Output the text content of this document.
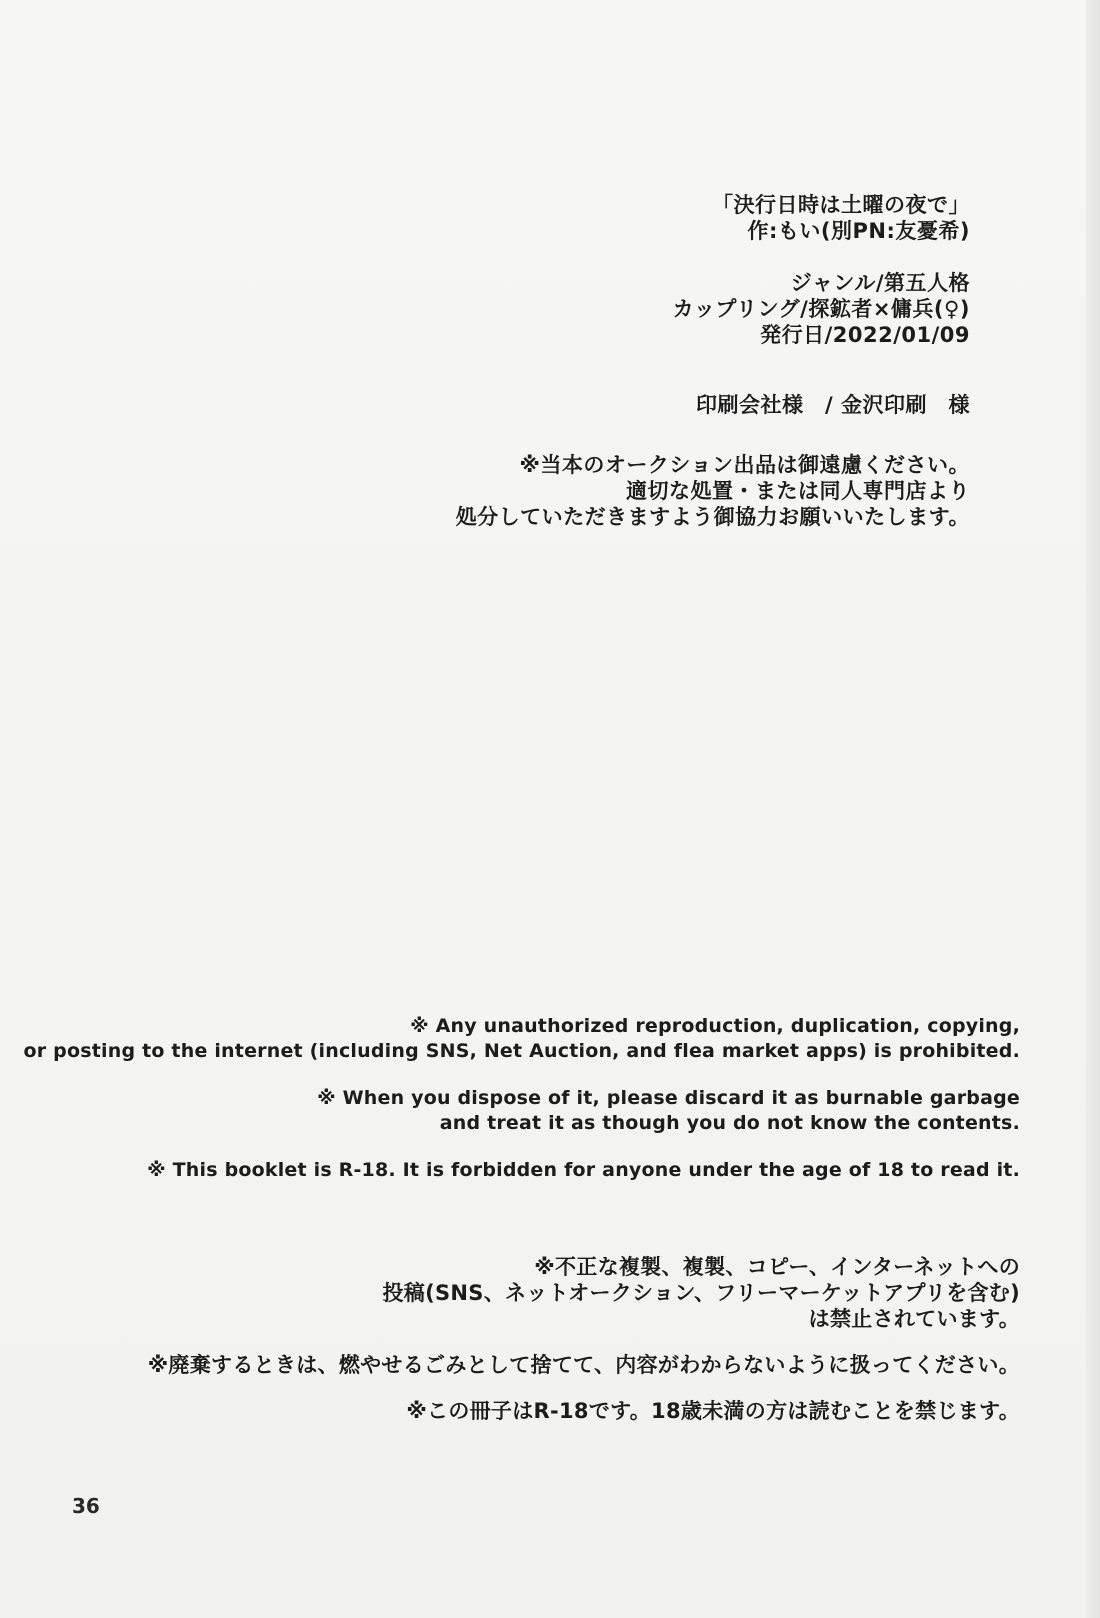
「決行日時は土曜の夜で」
作:もい(別PN:友憂希)
ジャンル/第五人格
カップリング/探鉱者×傭兵(♀)
発行日/2022/01/09
印刷会社様　/ 金沢印刷　様
※当本のオークション出品は御遠慮ください。
適切な処置・または同人専門店より
処分していただきますよう御協力お願いいたします。
※ Any unauthorized reproduction, duplication, copying,
or posting to the internet (including SNS, Net Auction, and flea market apps) is prohibited.
※ When you dispose of it, please discard it as burnable garbage
and treat it as though you do not know the contents.
※ This booklet is R-18. It is forbidden for anyone under the age of 18 to read it.
※不正な複製、複製、コピー、インターネットへの
投稿(SNS、ネットオークション、フリーマーケットアプリを含む)
は禁止されています。
※廃棄するときは、燃やせるごみとして捨てて、内容がわからないように扱ってください。
※この冊子はR-18です。18歳未満の方は読むことを禁じます。
36
